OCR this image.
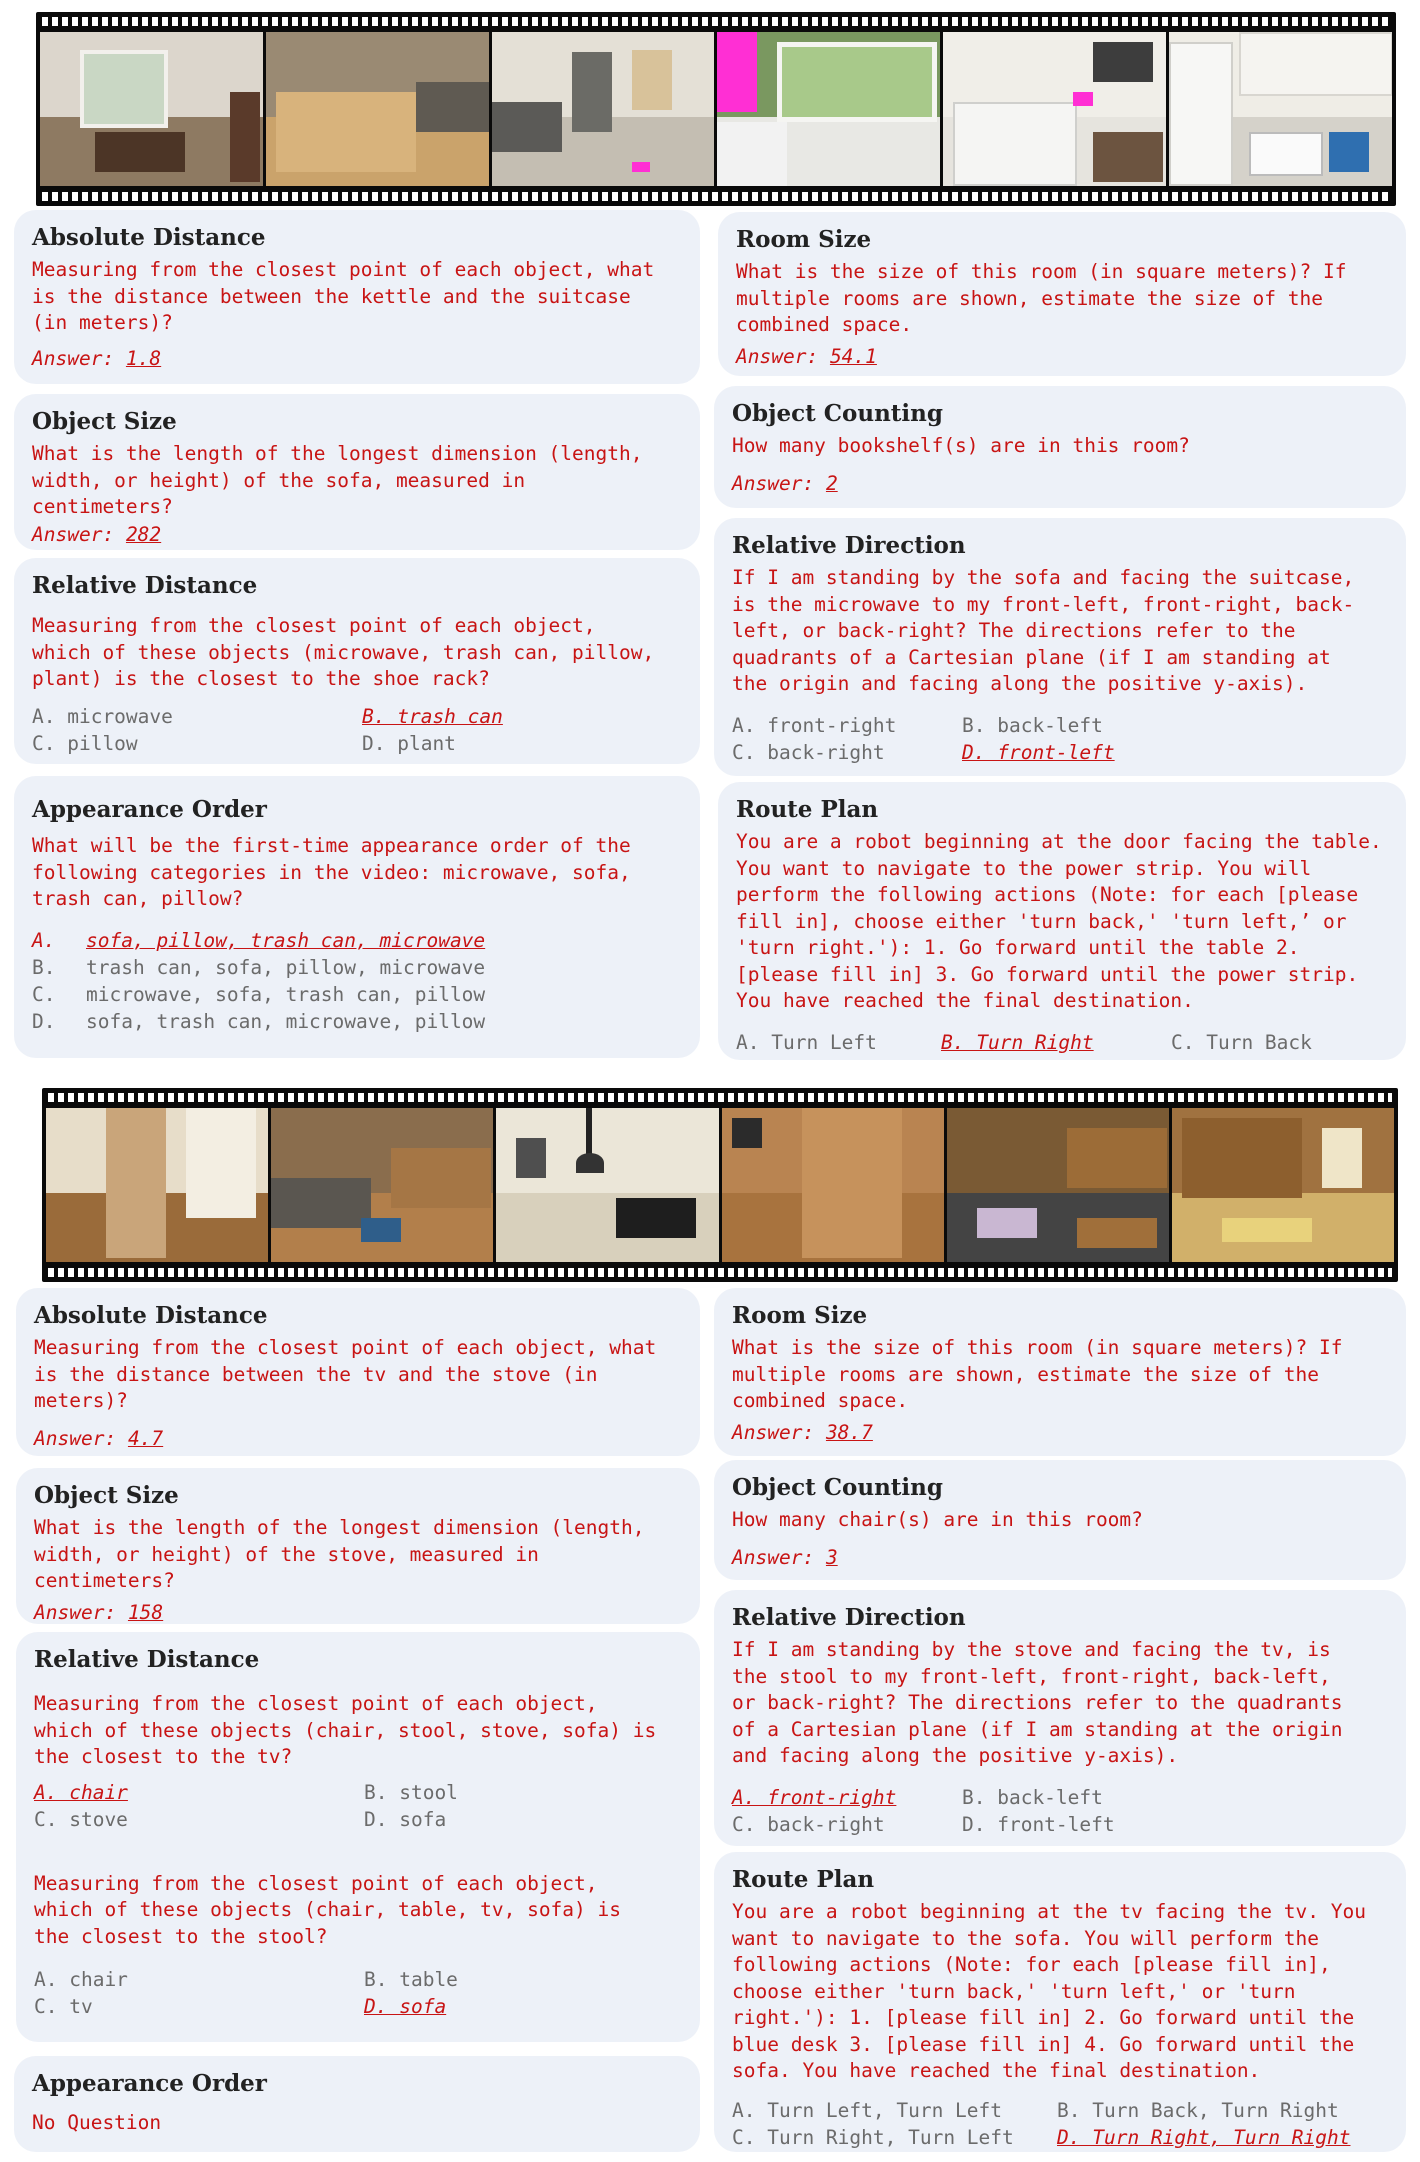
Absolute Distance
Measuring from the closest point of each object, what
is the distance between the kettle and the suitcase
(in meters)?
Answer: 1.8
Object Size
What is the length of the longest dimension (length,
width, or height) of the sofa, measured in
centimeters?
Answer: 282
Relative Distance
Measuring from the closest point of each object,
which of these objects (microwave, trash can, pillow,
plant) is the closest to the shoe rack?
A. microwave	B. trash can
C. pillow	D. plant
Appearance Order
What will be the first-time appearance order of the
following categories in the video: microwave, sofa,
trash can, pillow?
A.	sofa, pillow, trash can, microwave
B.	trash can, sofa, pillow, microwave
C.	microwave, sofa, trash can, pillow
D.	sofa, trash can, microwave, pillow
Room Size
What is the size of this room (in square meters)? If
multiple rooms are shown, estimate the size of the
combined space.
Answer: 54.1
Object Counting
How many bookshelf(s) are in this room?
Answer: 2
Relative Direction
If I am standing by the sofa and facing the suitcase,
is the microwave to my front-left, front-right, back-
left, or back-right? The directions refer to the
quadrants of a Cartesian plane (if I am standing at
the origin and facing along the positive y-axis).
A. front-right	B. back-left
C. back-right	D. front-left
Route Plan
You are a robot beginning at the door facing the table.
You want to navigate to the power strip. You will
perform the following actions (Note: for each [please
fill in], choose either 'turn back,' 'turn left,’ or
'turn right.'): 1. Go forward until the table 2.
[please fill in] 3. Go forward until the power strip.
You have reached the final destination.
A. Turn Left	B. Turn Right	C. Turn Back
Absolute Distance
Measuring from the closest point of each object, what
is the distance between the tv and the stove (in
meters)?
Answer: 4.7
Object Size
What is the length of the longest dimension (length,
width, or height) of the stove, measured in
centimeters?
Answer: 158
Relative Distance
Measuring from the closest point of each object,
which of these objects (chair, stool, stove, sofa) is
the closest to the tv?
A. chair	B. stool
C. stove	D. sofa
Measuring from the closest point of each object,
which of these objects (chair, table, tv, sofa) is
the closest to the stool?
A. chair	B. table
C. tv	D. sofa
Appearance Order
No Question
Room Size
What is the size of this room (in square meters)? If
multiple rooms are shown, estimate the size of the
combined space.
Answer: 38.7
Object Counting
How many chair(s) are in this room?
Answer: 3
Relative Direction
If I am standing by the stove and facing the tv, is
the stool to my front-left, front-right, back-left,
or back-right? The directions refer to the quadrants
of a Cartesian plane (if I am standing at the origin
and facing along the positive y-axis).
A. front-right	B. back-left
C. back-right	D. front-left
Route Plan
You are a robot beginning at the tv facing the tv. You
want to navigate to the sofa. You will perform the
following actions (Note: for each [please fill in],
choose either 'turn back,' 'turn left,' or 'turn
right.'): 1. [please fill in] 2. Go forward until the
blue desk 3. [please fill in] 4. Go forward until the
sofa. You have reached the final destination.
A. Turn Left, Turn Left	B. Turn Back, Turn Right
C. Turn Right, Turn Left	D. Turn Right, Turn Right
